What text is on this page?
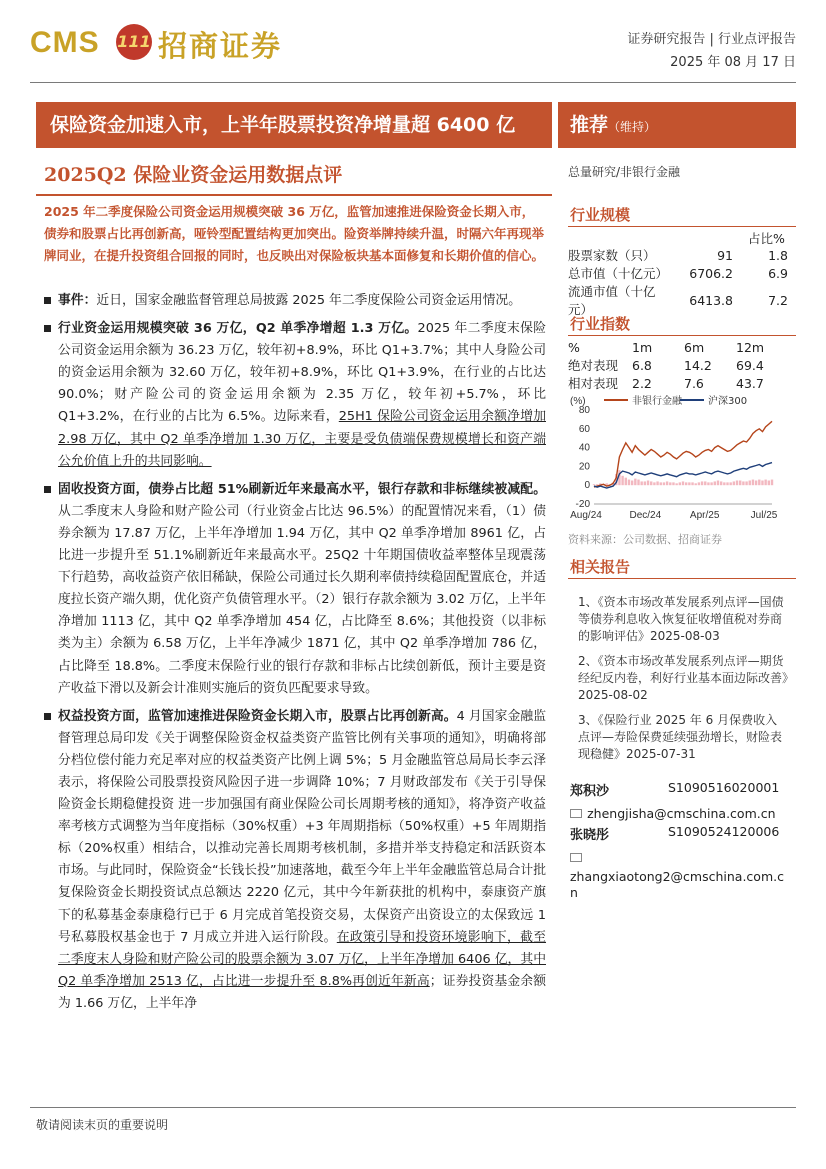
CMS 111 招商证券	证券研究报告 | 行业点评报告
2025 年 08 月 17 日
保险资金加速入市，上半年股票投资净增量超 6400 亿	推荐（维持）
2025Q2 保险业资金运用数据点评
2025 年二季度保险公司资金运用规模突破 36 万亿，监管加速推进保险资金长期入市，债券和股票占比再创新高，哑铃型配置结构更加突出。险资举牌持续升温，时隔六年再现举牌同业，在提升投资组合回报的同时，也反映出对保险板块基本面修复和长期价值的信心。

事件：近日，国家金融监督管理总局披露 2025 年二季度保险公司资金运用情况。

行业资金运用规模突破 36 万亿，Q2 单季净增超 1.3 万亿。2025 年二季度末保险公司资金运用余额为 36.23 万亿，较年初+8.9%，环比 Q1+3.7%；其中人身险公司的资金运用余额为 32.60 万亿，较年初+8.9%，环比 Q1+3.9%，在行业的占比达 90.0%；财产险公司的资金运用余额为 2.35 万亿，较年初+5.7%，环比 Q1+3.2%，在行业的占比为 6.5%。边际来看，25H1 保险公司资金运用余额净增加 2.98 万亿，其中 Q2 单季净增加 1.30 万亿，主要是受负债端保费规模增长和资产端公允价值上升的共同影响。

固收投资方面，债券占比超 51%刷新近年来最高水平，银行存款和非标继续被减配。从二季度末人身险和财产险公司（行业资金占比达 96.5%）的配置情况来看，（1）债券余额为 17.87 万亿，上半年净增加 1.94 万亿，其中 Q2 单季净增加 8961 亿，占比进一步提升至 51.1%刷新近年来最高水平。25Q2 十年期国债收益率整体呈现震荡下行趋势，高收益资产依旧稀缺，保险公司通过长久期利率债持续稳固配置底仓，并适度拉长资产端久期，优化资产负债管理水平。（2）银行存款余额为 3.02 万亿，上半年净增加 1113 亿，其中 Q2 单季净增加 454 亿，占比降至 8.6%；其他投资（以非标类为主）余额为 6.58 万亿，上半年净减少 1871 亿，其中 Q2 单季净增加 786 亿，占比降至 18.8%。二季度末保险行业的银行存款和非标占比续创新低，预计主要是资产收益下滑以及新会计准则实施后的资负匹配要求导致。

权益投资方面，监管加速推进保险资金长期入市，股票占比再创新高。4 月国家金融监督管理总局印发《关于调整保险资金权益类资产监管比例有关事项的通知》，明确将部分档位偿付能力充足率对应的权益类资产比例上调 5%；5 月金融监管总局局长李云泽表示，将保险公司股票投资风险因子进一步调降 10%；7 月财政部发布《关于引导保险资金长期稳健投资 进一步加强国有商业保险公司长周期考核的通知》，将净资产收益率考核方式调整为当年度指标（30%权重）+3 年周期指标（50%权重）+5 年周期指标（20%权重）相结合，以推动完善长周期考核机制，多措并举支持稳定和活跃资本市场。与此同时，保险资金“长钱长投”加速落地，截至今年上半年金融监管总局合计批复保险资金长期投资试点总额达 2220 亿元，其中今年新获批的机构中，泰康资产旗下的私募基金泰康稳行已于 6 月完成首笔投资交易，太保资产出资设立的太保致远 1 号私募股权基金也于 7 月成立并进入运行阶段。在政策引导和投资环境影响下，截至二季度末人身险和财产险公司的股票余额为 3.07 万亿，上半年净增加 6406 亿，其中 Q2 单季净增加 2513 亿，占比进一步提升至 8.8%再创近年新高；证券投资基金余额为 1.66 万亿，上半年净

总量研究/非银行金融
行业规模
占比%
股票家数（只）	91	1.8
总市值（十亿元）	6706.2	6.9
流通市值（十亿元）	6413.8	7.2
行业指数
%	1m	6m	12m
绝对表现	6.8	14.2	69.4
相对表现	2.2	7.6	43.7
(%)
80
60
40
20
0
-20
Aug/24	Dec/24	Apr/25	Jul/25
非银行金融	沪深300
资料来源：公司数据、招商证券
相关报告
1、《资本市场改革发展系列点评—国债等债券利息收入恢复征收增值税对券商的影响评估》2025-08-03
2、《资本市场改革发展系列点评—期货经纪反内卷，利好行业基本面边际改善》2025-08-02
3、《保险行业 2025 年 6 月保费收入点评—寿险保费延续强劲增长，财险表现稳健》2025-07-31
郑积沙	S1090516020001
zhengjisha@cmschina.com.cn
张晓彤	S1090524120006
zhangxiaotong2@cmschina.com.c
n
敬请阅读末页的重要说明
